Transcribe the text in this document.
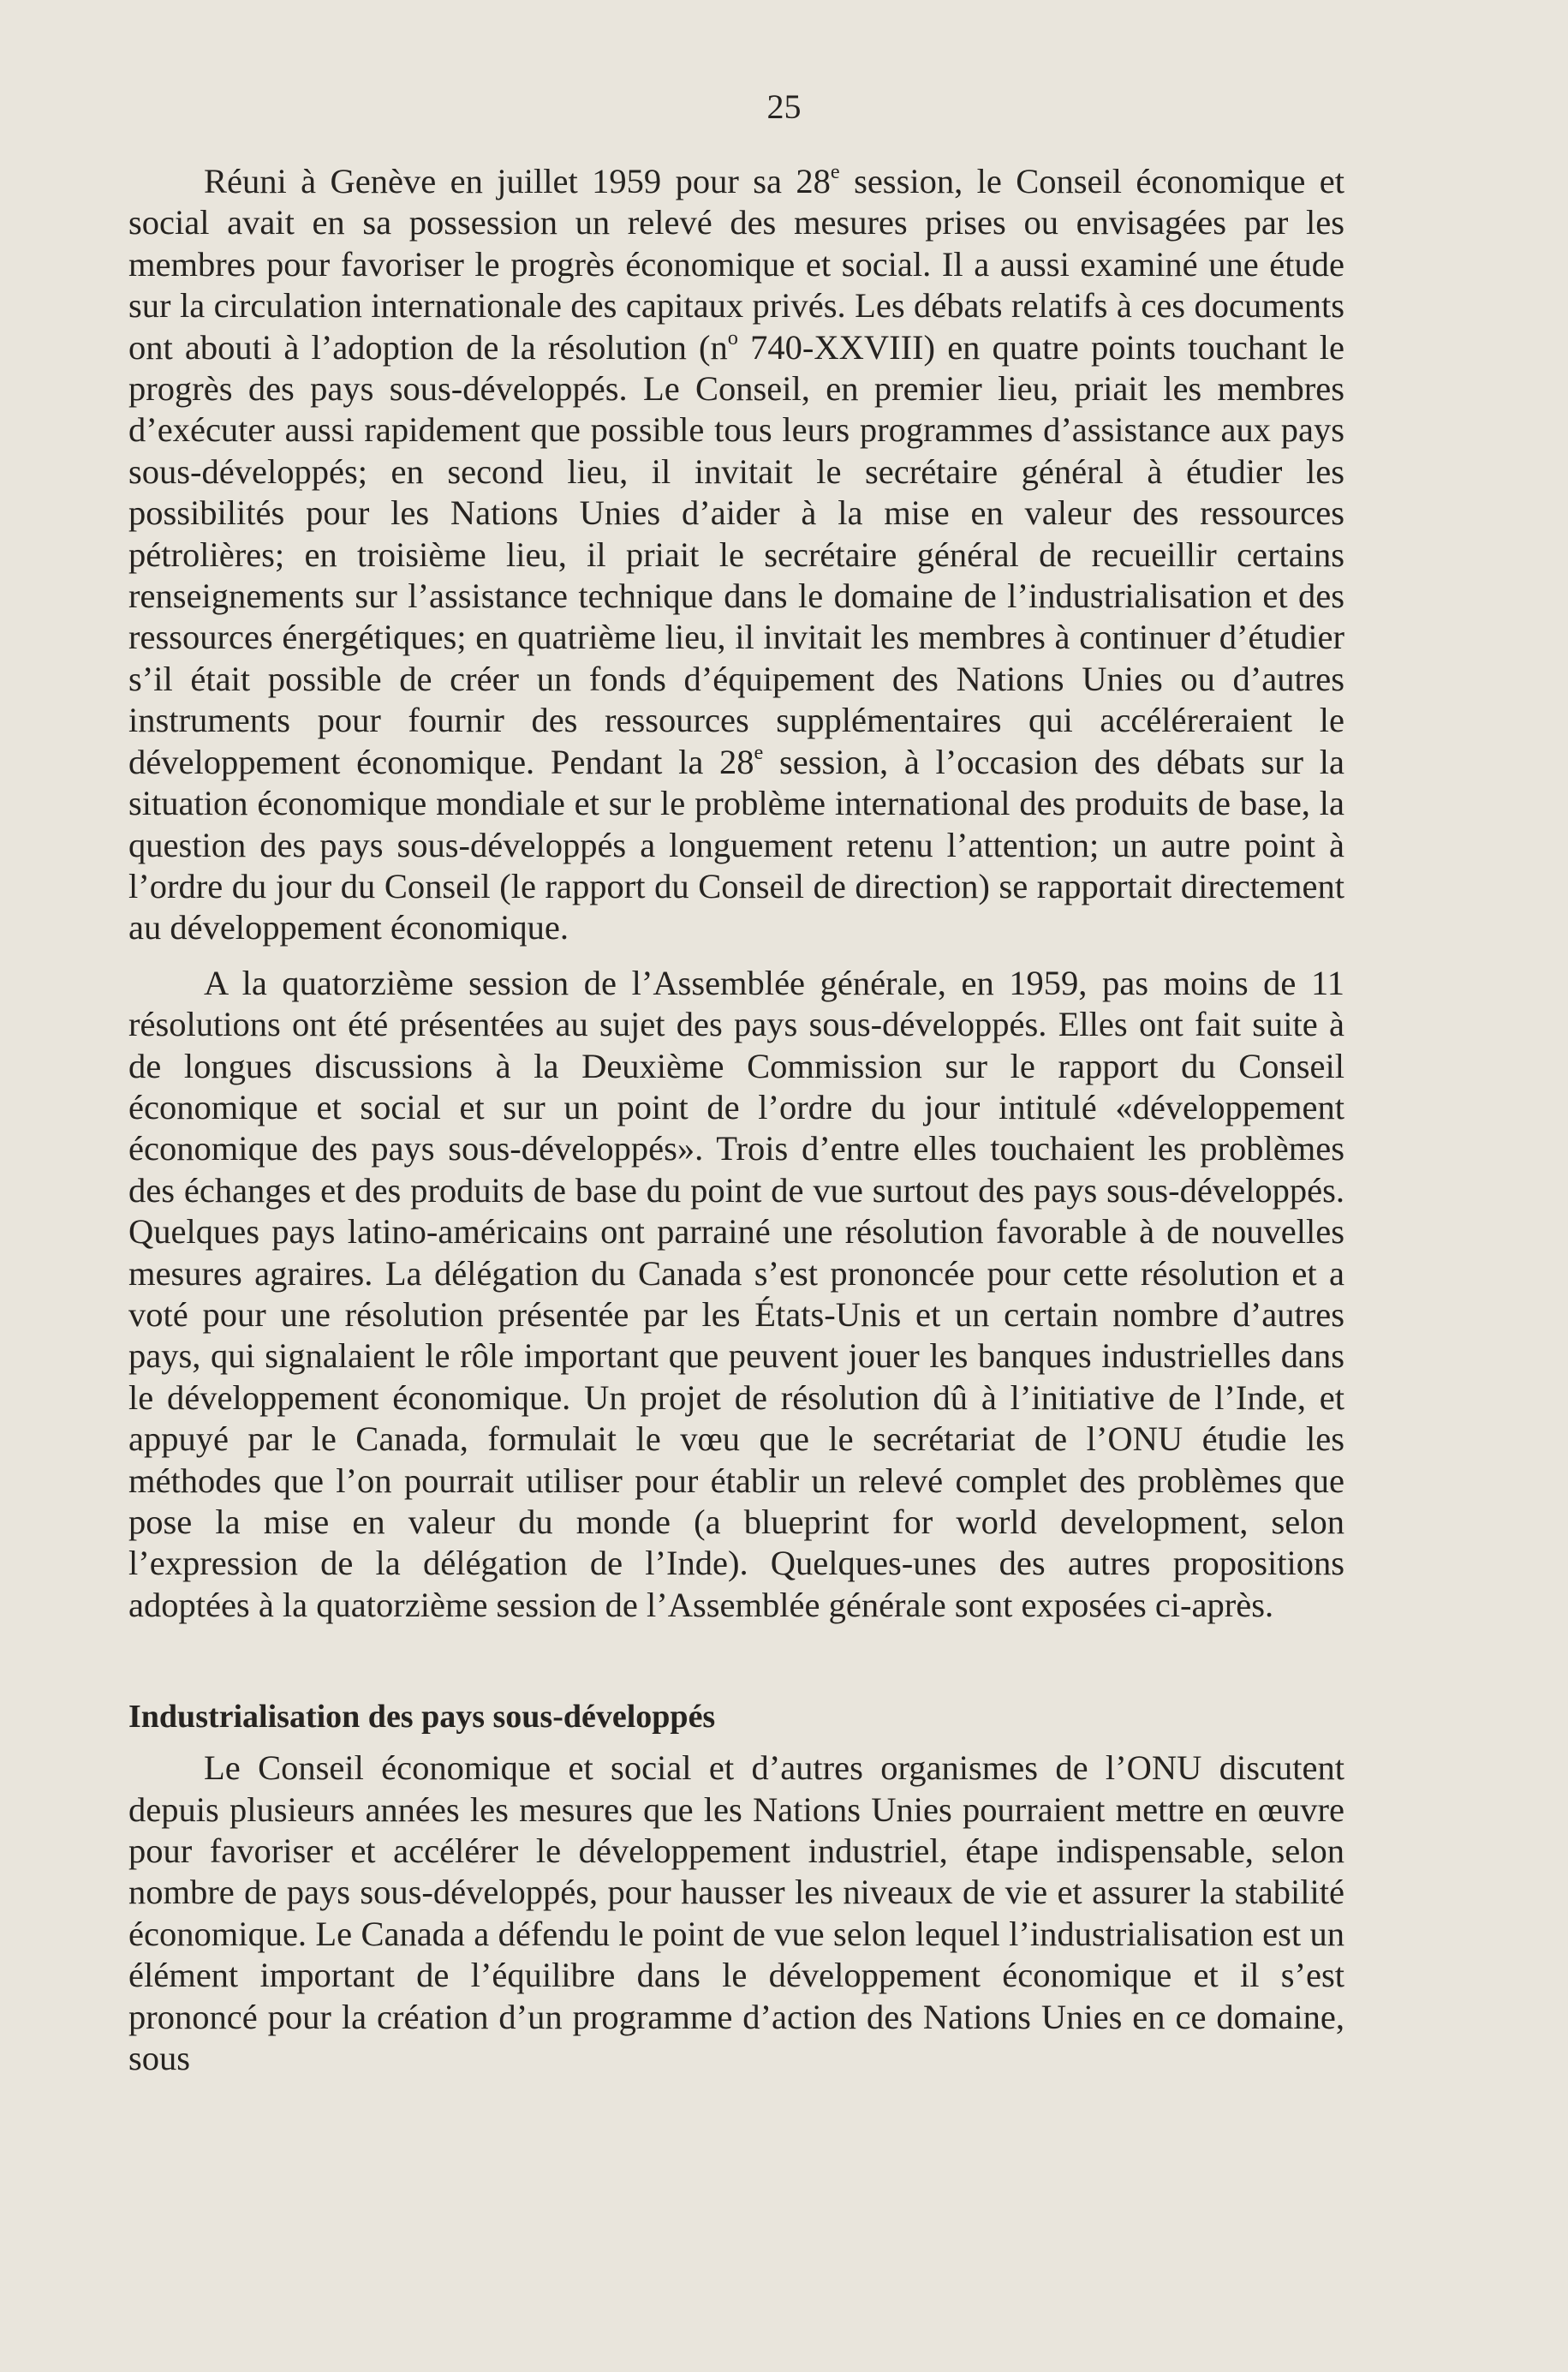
25

Réuni à Genève en juillet 1959 pour sa 28e session, le Conseil économique et social avait en sa possession un relevé des mesures prises ou envisagées par les membres pour favoriser le progrès économique et social. Il a aussi examiné une étude sur la circulation internationale des capitaux privés. Les débats relatifs à ces documents ont abouti à l’adoption de la résolution ($n^o$ 740-XXVIII) en quatre points touchant le progrès des pays sous-développés. Le Conseil, en premier lieu, priait les membres d’exécuter aussi rapidement que possible tous leurs programmes d’assistance aux pays sous-développés; en second lieu, il invitait le secrétaire général à étudier les possibilités pour les Nations Unies d’aider à la mise en valeur des ressources pétrolières; en troisième lieu, il priait le secrétaire général de recueillir certains renseignements sur l’assistance technique dans le domaine de l’industrialisation et des ressources énergétiques; en quatrième lieu, il invitait les membres à continuer d’étudier s’il était possible de créer un fonds d’équipement des Nations Unies ou d’autres instruments pour fournir des ressources supplémentaires qui accéléreraient le développement économique. Pendant la 28e session, à l’occasion des débats sur la situation économique mondiale et sur le problème international des produits de base, la question des pays sous-développés a longuement retenu l’attention; un autre point à l’ordre du jour du Conseil (le rapport du Conseil de direction) se rapportait directement au développement économique.

A la quatorzième session de l’Assemblée générale, en 1959, pas moins de 11 résolutions ont été présentées au sujet des pays sous-développés. Elles ont fait suite à de longues discussions à la Deuxième Commission sur le rapport du Conseil économique et social et sur un point de l’ordre du jour intitulé «développement économique des pays sous-développés». Trois d’entre elles touchaient les problèmes des échanges et des produits de base du point de vue surtout des pays sous-développés. Quelques pays latino-américains ont parrainé une résolution favorable à de nouvelles mesures agraires. La délégation du Canada s’est prononcée pour cette résolution et a voté pour une résolution présentée par les États-Unis et un certain nombre d’autres pays, qui signalaient le rôle important que peuvent jouer les banques industrielles dans le développement économique. Un projet de résolution dû à l’initiative de l’Inde, et appuyé par le Canada, formulait le vœu que le secrétariat de l’ONU étudie les méthodes que l’on pourrait utiliser pour établir un relevé complet des problèmes que pose la mise en valeur du monde (a blueprint for world development, selon l’expression de la délégation de l’Inde). Quelques-unes des autres propositions adoptées à la quatorzième session de l’Assemblée générale sont exposées ci-après.

Industrialisation des pays sous-développés

Le Conseil économique et social et d’autres organismes de l’ONU discutent depuis plusieurs années les mesures que les Nations Unies pourraient mettre en œuvre pour favoriser et accélérer le développement industriel, étape indispensable, selon nombre de pays sous-développés, pour hausser les niveaux de vie et assurer la stabilité économique. Le Canada a défendu le point de vue selon lequel l’industrialisation est un élément important de l’équilibre dans le développement économique et il s’est prononcé pour la création d’un programme d’action des Nations Unies en ce domaine, sous
